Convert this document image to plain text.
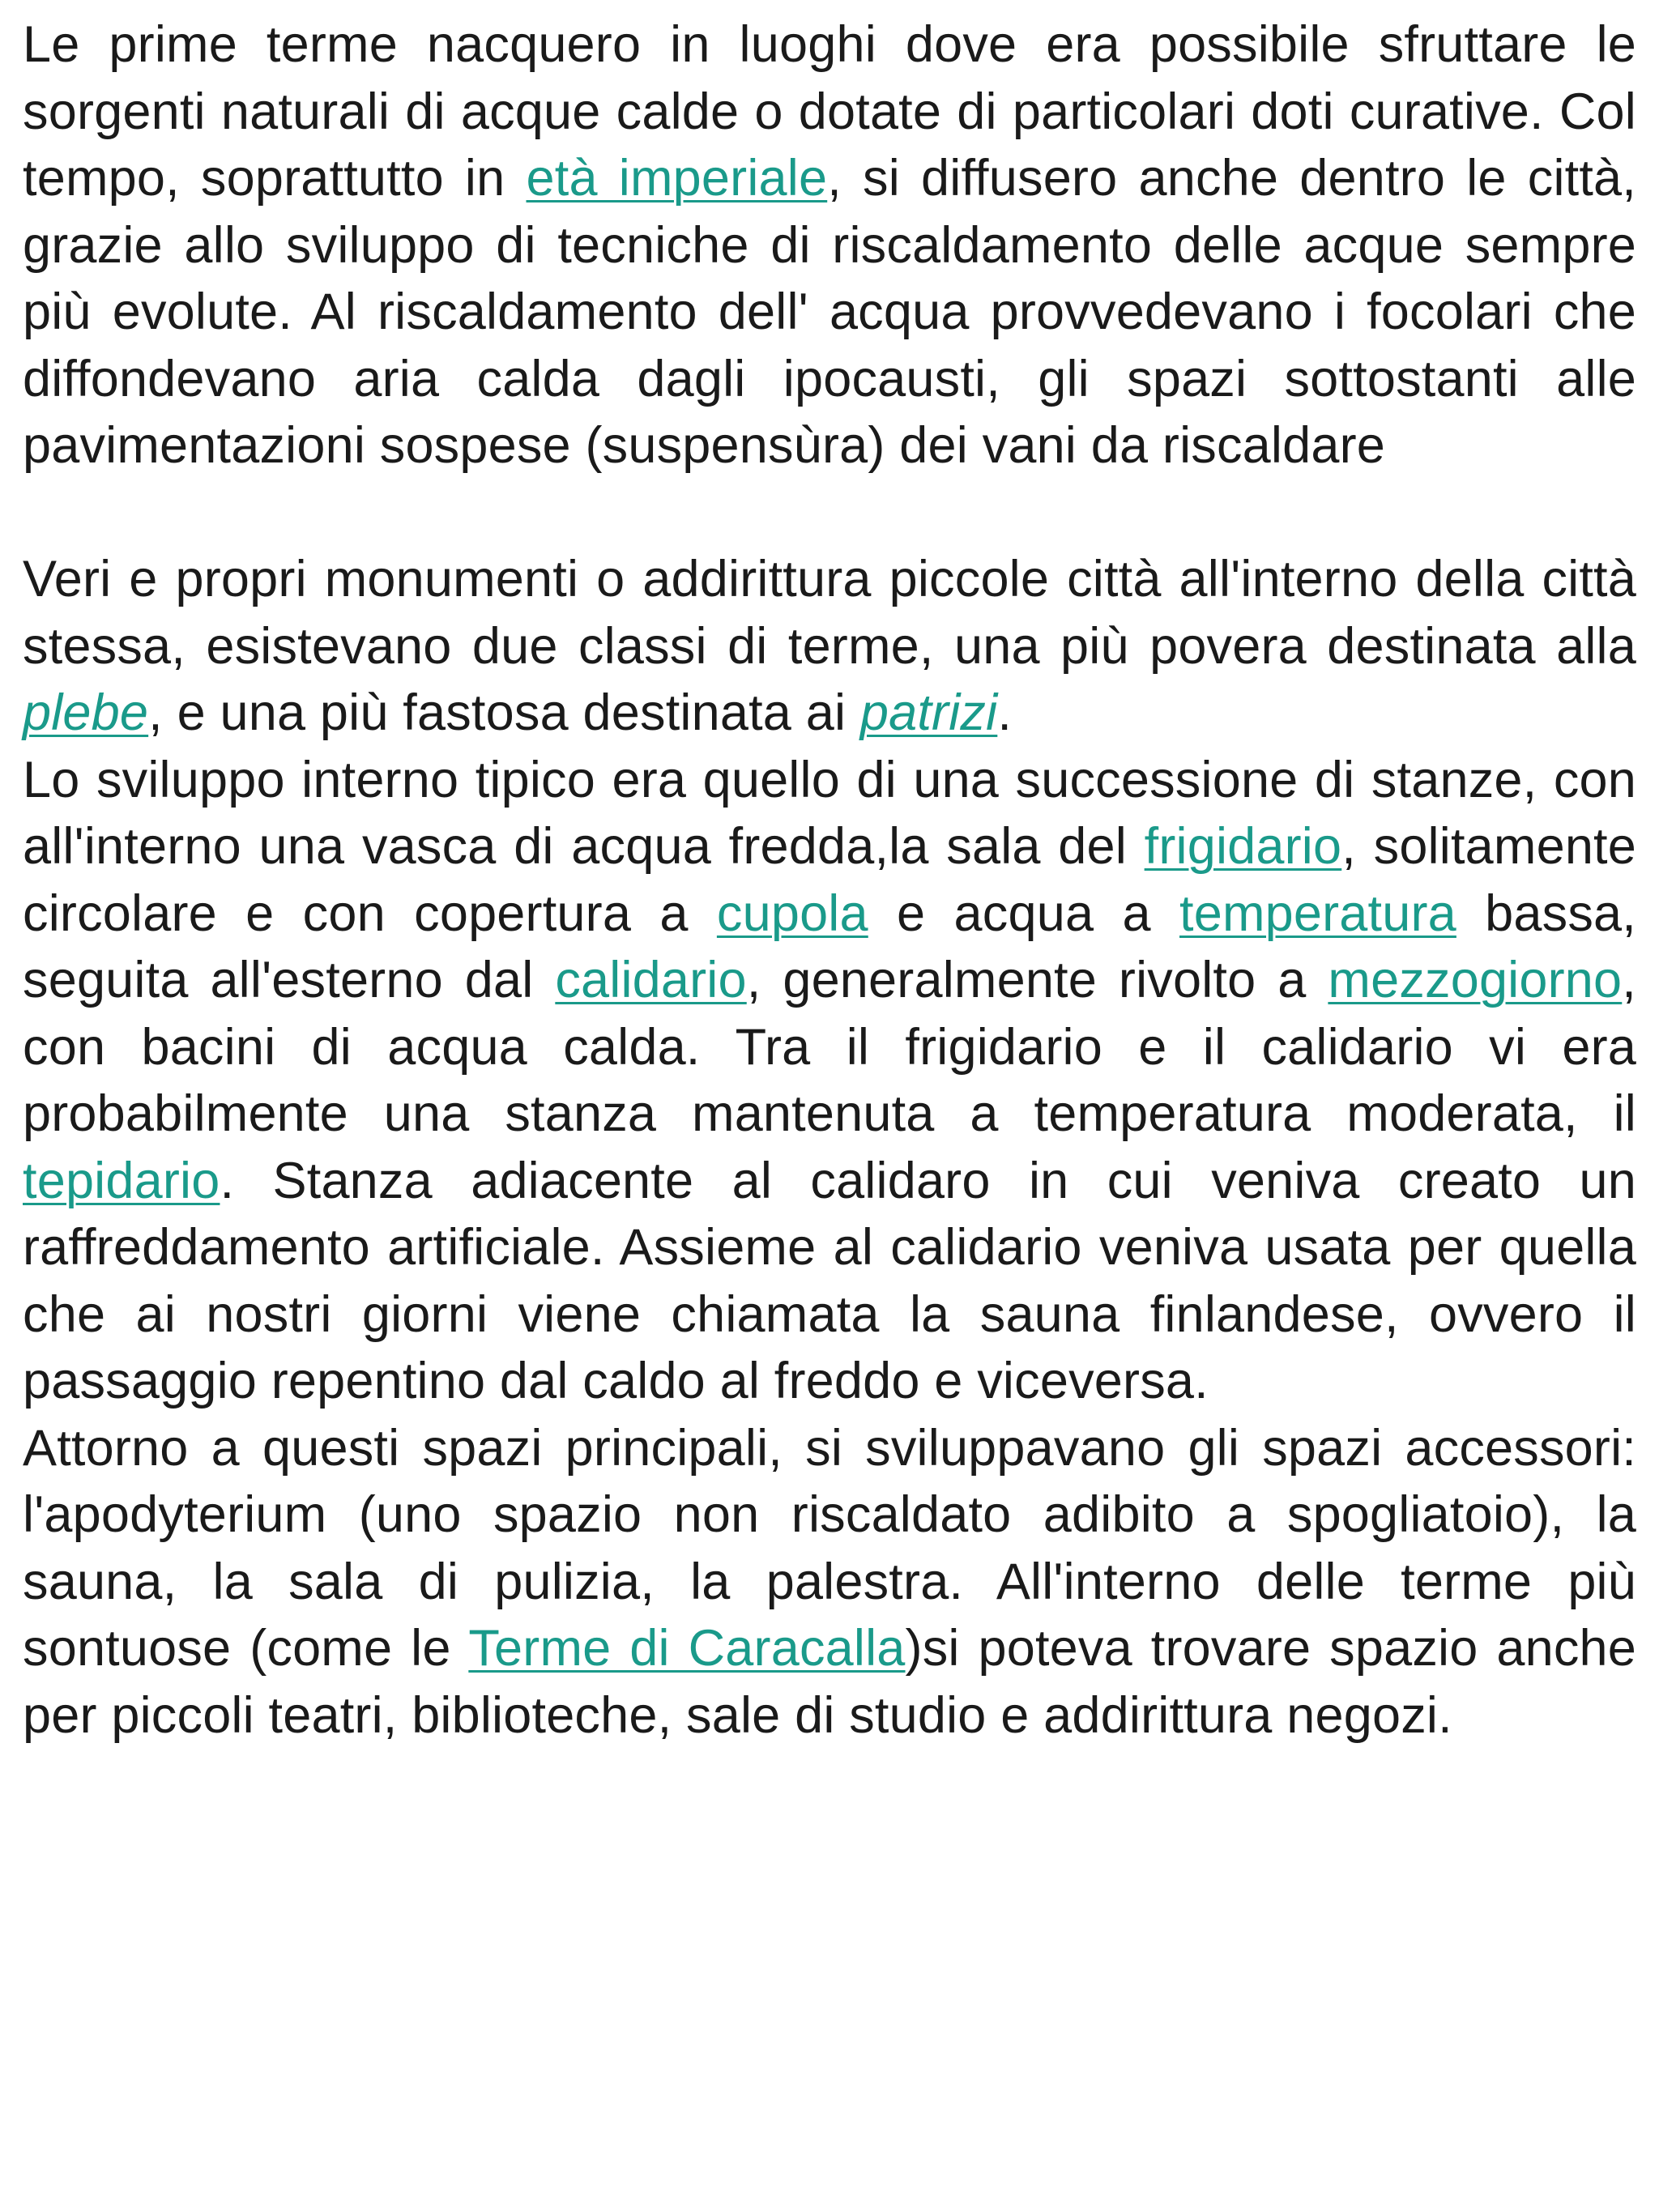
Le prime terme nacquero in luoghi dove era possibile sfruttare le sorgenti naturali di acque calde o dotate di particolari doti curative. Col tempo, soprattutto in età imperiale, si diffusero anche dentro le città, grazie allo sviluppo di tecniche di riscaldamento delle acque sempre più evolute. Al riscaldamento dell' acqua provvedevano i focolari che diffondevano aria calda dagli ipocausti, gli spazi sottostanti alle pavimentazioni sospese (suspensùra) dei vani da riscaldare

Veri e propri monumenti o addirittura piccole città all'interno della città stessa, esistevano due classi di terme, una più povera destinata alla plebe, e una più fastosa destinata ai patrizi.

Lo sviluppo interno tipico era quello di una successione di stanze, con all'interno una vasca di acqua fredda,la sala del frigidario, solitamente circolare e con copertura a cupola e acqua a temperatura bassa, seguita all'esterno dal calidario, generalmente rivolto a mezzogiorno, con bacini di acqua calda. Tra il frigidario e il calidario vi era probabilmente una stanza mantenuta a temperatura moderata, il tepidario. Stanza adiacente al calidaro in cui veniva creato un raffreddamento artificiale. Assieme al calidario veniva usata per quella che ai nostri giorni viene chiamata la sauna finlandese, ovvero il passaggio repentino dal caldo al freddo e viceversa.

Attorno a questi spazi principali, si sviluppavano gli spazi accessori: l'apodyterium (uno spazio non riscaldato adibito a spogliatoio), la sauna, la sala di pulizia, la palestra. All'interno delle terme più sontuose (come le Terme di Caracalla)si poteva trovare spazio anche per piccoli teatri, biblioteche, sale di studio e addirittura negozi.
